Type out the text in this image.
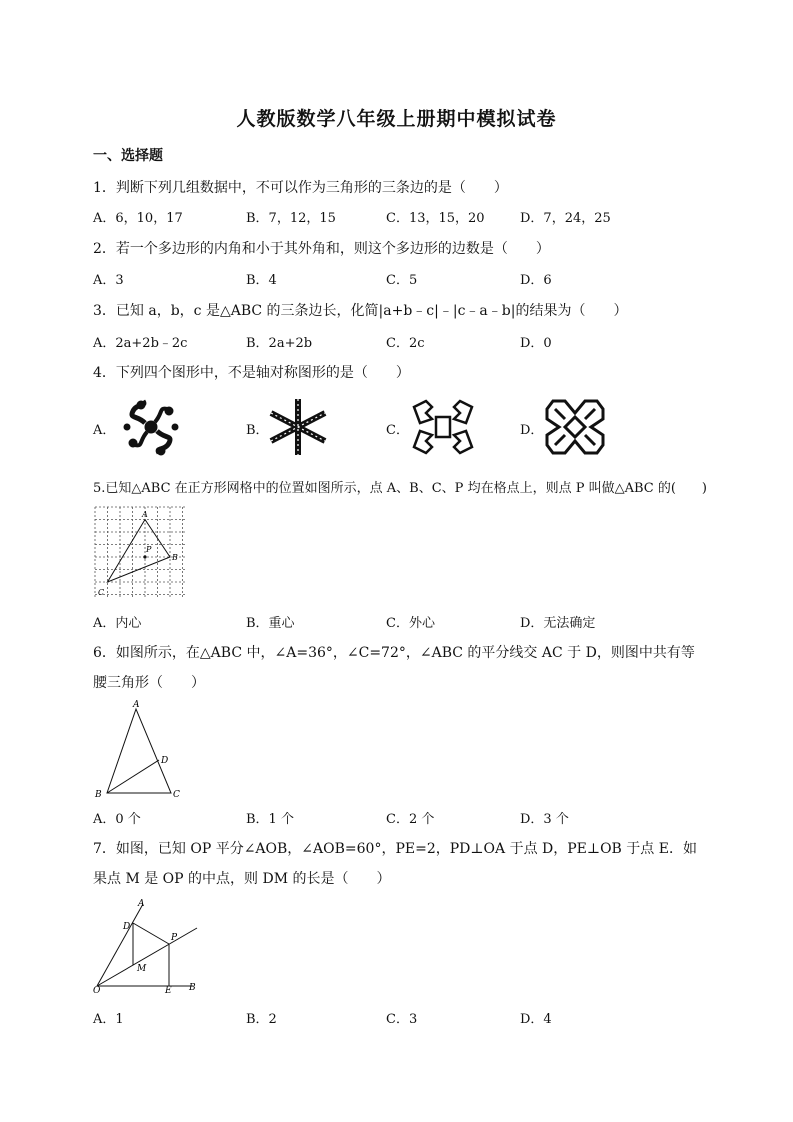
人教版数学八年级上册期中模拟试卷
一、选择题
1．判断下列几组数据中，不可以作为三角形的三条边的是（　　）
A．6，10，17	B．7，12，15	C．13，15，20	D．7，24，25
2．若一个多边形的内角和小于其外角和，则这个多边形的边数是（　　）
A．3	B．4	C．5	D．6
3．已知 a，b，c 是△ABC 的三条边长，化简|a+b﹣c|﹣|c﹣a﹣b|的结果为（　　）
A．2a+2b﹣2c	B．2a+2b	C．2c	D．0
4．下列四个图形中，不是轴对称图形的是（　　）
A．	B．	C．	D．
5.已知△ABC 在正方形网格中的位置如图所示，点 A、B、C、P 均在格点上，则点 P 叫做△ABC 的(　　)
A
B
C
P
A．内心	B．重心	C．外心	D．无法确定
6．如图所示，在△ABC 中，∠A=36°，∠C=72°，∠ABC 的平分线交 AC 于 D，则图中共有等腰三角形（　　）
A
B	C
D
A．0 个	B．1 个	C．2 个	D．3 个
7．如图，已知 OP 平分∠AOB，∠AOB=60°，PE=2，PD⊥OA 于点 D，PE⊥OB 于点 E．如果点 M 是 OP 的中点，则 DM 的长是（　　）
A
B
D
E
M
O
P
A．1	B．2	C．3	D．4
